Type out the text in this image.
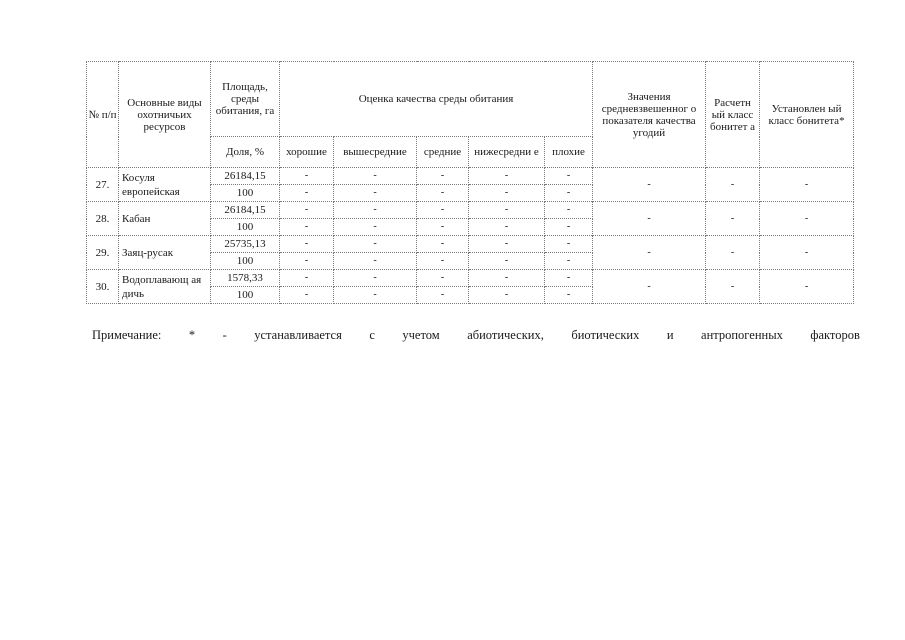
№ п/п	Основные виды охотничьих ресурсов	Площадь, среды обитания, га	Оценка качества среды обитания					Значения средневзвешенног о показателя качества угодий	Расчетн ый класс бонитет а	Установлен ый класс бонитета*
		Доля, %	хорошие	вышесредние	средние	нижесредни е	плохие			
27.	Косуля европейская	26184,15	-	-	-	-	-	-	-	-
		100	-	-	-	-	-			
28.	Кабан	26184,15	-	-	-	-	-	-	-	-
		100	-	-	-	-	-			
29.	Заяц-русак	25735,13	-	-	-	-	-	-	-	-
		100	-	-	-	-	-			
30.	Водоплавающ ая дичь	1578,33	-	-	-	-	-	-	-	-
		100	-	-	-	-	-			
Примечание: * - устанавливается с учетом абиотических, биотических и антропогенных факторов
